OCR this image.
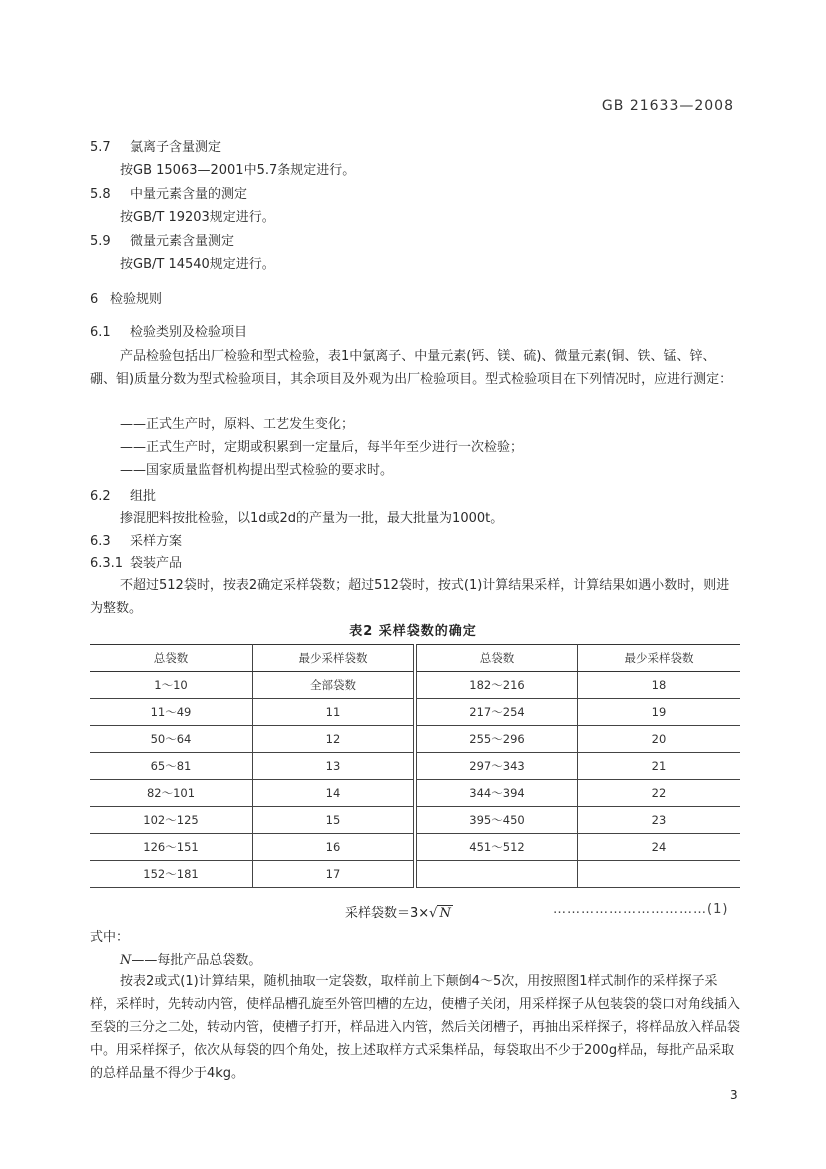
GB 21633—2008
5.7 氯离子含量测定
按GB 15063—2001中5.7条规定进行。
5.8 中量元素含量的测定
按GB/T 19203规定进行。
5.9 微量元素含量测定
按GB/T 14540规定进行。
6 检验规则
6.1 检验类别及检验项目
产品检验包括出厂检验和型式检验，表1中氯离子、中量元素(钙、镁、硫)、微量元素(铜、铁、锰、锌、硼、钼)质量分数为型式检验项目，其余项目及外观为出厂检验项目。型式检验项目在下列情况时，应进行测定：
——正式生产时，原料、工艺发生变化；
——正式生产时，定期或积累到一定量后，每半年至少进行一次检验；
——国家质量监督机构提出型式检验的要求时。
6.2 组批
掺混肥料按批检验，以1d或2d的产量为一批，最大批量为1000t。
6.3 采样方案
6.3.1 袋装产品
不超过512袋时，按表2确定采样袋数；超过512袋时，按式(1)计算结果采样，计算结果如遇小数时，则进为整数。
表2 采样袋数的确定
总袋数	最少采样袋数	总袋数	最少采样袋数
1～10	全部袋数	182～216	18
11～49	11	217～254	19
50～64	12	255～296	20
65～81	13	297～343	21
82～101	14	344～394	22
102～125	15	395～450	23
126～151	16	451～512	24
152～181	17		
采样袋数＝3×√ N	……………………………(1)
式中：
N——每批产品总袋数。
按表2或式(1)计算结果，随机抽取一定袋数，取样前上下颠倒4～5次，用按照图1样式制作的采样探子采样，采样时，先转动内管，使样品槽孔旋至外管凹槽的左边，使槽子关闭，用采样探子从包装袋的袋口对角线插入至袋的三分之二处，转动内管，使槽子打开，样品进入内管，然后关闭槽子，再抽出采样探子，将样品放入样品袋中。用采样探子，依次从每袋的四个角处，按上述取样方式采集样品，每袋取出不少于200g样品，每批产品采取的总样品量不得少于4kg。
3
